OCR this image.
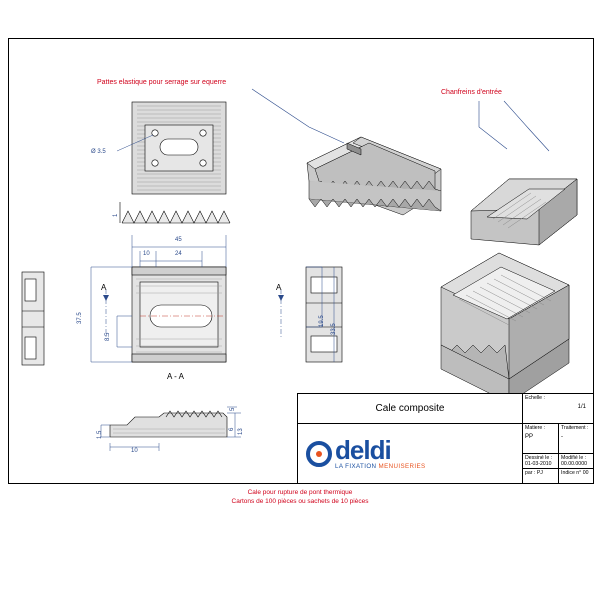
Pattes elastique pour serrage sur equerre
Chanfreins d'entrée
Ø 3.5
45
10	24
37.5
8.5
1
19.5
33.5
1.5	13
6
5
10
A	A
A - A
Cale composite
Echelle :
1/1
Matiere :
PP
Traitement :
-
Dessiné le : 01-03-2010
Modifié le : 00.00.0000
par : PJ	Indice n° 00
deldi
LA FIXATION MENUISERIES
Cale pour rupture de pont thermique
Cartons de 100 pièces ou sachets de 10 pièces
